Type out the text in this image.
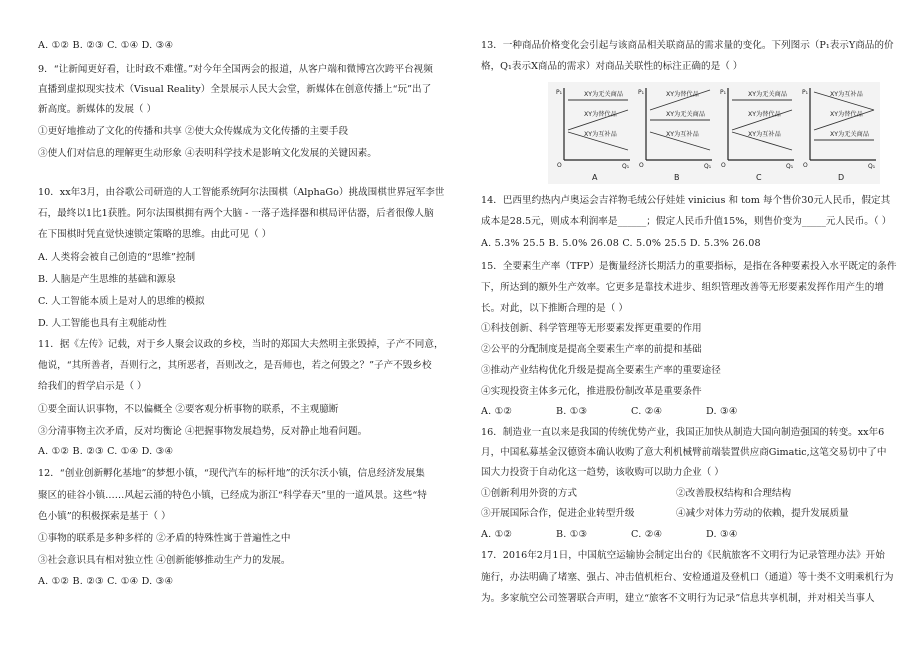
A. ①② B. ②③ C. ①④ D. ③④
9．“让新闻更好看，让时政不难懂。”对今年全国两会的报道，从客户端和微博宫次跨平台视频
直播到虚拟现实技术（Visual Reality）全景展示人民大会堂，新媒体在创意传播上“玩”出了
新高度。新媒体的发展（ ）
①更好地推动了文化的传播和共享 ②使大众传媒成为文化传播的主要手段
③使人们对信息的理解更生动形象 ④表明科学技术是影响文化发展的关键因素。
10．xx年3月，由谷歌公司研造的人工智能系统阿尔法围棋（AlphaGo）挑战围棋世界冠军李世
石，最终以1比1获胜。阿尔法围棋拥有两个大脑 - 一落子选择器和棋局评估器，后者很像人脑
在下围棋时凭直觉快速锁定策略的思维。由此可见（ ）
A. 人类将会被自己创造的“思维”控制
B. 人脑是产生思维的基础和源泉
C. 人工智能本质上是对人的思维的模拟
D. 人工智能也具有主观能动性
11．据《左传》记载，对于乡人聚会议政的乡校，当时的郑国大夫然明主张毁掉，子产不同意，
他说，“其所善者，吾则行之，其所恶者，吾则改之，是吾师也，若之何毁之？”子产不毁乡校
给我们的哲学启示是（ ）
①要全面认识事物，不以偏概全 ②要客观分析事物的联系，不主观臆断
③分清事物主次矛盾，反对均衡论 ④把握事物发展趋势，反对静止地看问题。
A. ①② B. ②③ C. ①④ D. ③④
12．“创业创新孵化基地”的梦想小镇，“现代汽车的标杆地”的沃尔沃小镇，信息经济发展集
聚区的硅谷小镇……风起云涌的特色小镇，已经成为浙江“科学春天”里的一道风景。这些“特
色小镇”的积极探索是基于（ ）
①事物的联系是多种多样的 ②矛盾的特殊性寓于普遍性之中
③社会意识具有相对独立性 ④创新能够推动生产力的发展。
A. ①② B. ②③ C. ①④ D. ③④
13．一种商品价格变化会引起与该商品相关联商品的需求量的变化。下列图示（P₁表示Y商品的价
格，Q₁表示X商品的需求）对商品关联性的标注正确的是（ ）
P₁
Q₁
O
XY为无关商品
XY为替代品
XY为互补品
A
P₁
Q₁
O
XY为替代品
XY为无关商品
XY为互补品
B
P₁
Q₁
O
XY为无关商品
XY为替代品
XY为互补品
C
P₁
Q₁
O
XY为互补品
XY为替代品
XY为无关商品
D
14．巴西里约热内卢奥运会吉祥物毛绒公仔娃娃 vinicius 和 tom 每个售价30元人民币，假定其
成本是28.5元，则成本利润率是______；假定人民币升值15%，则售价变为_____元人民币。（ ）
A. 5.3% 25.5 B. 5.0% 26.08 C. 5.0% 25.5 D. 5.3% 26.08
15．全要素生产率（TFP）是衡量经济长期活力的重要指标，是指在各种要素投入水平既定的条件
下，所达到的额外生产效率。它更多是靠技术进步、组织管理改善等无形要素发挥作用产生的增
长。对此，以下推断合理的是（ ）
①科技创新、科学管理等无形要素发挥更重要的作用
②公平的分配制度是提高全要素生产率的前提和基础
③推动产业结构优化升级是提高全要素生产率的重要途径
④实现投资主体多元化，推进股份制改革是重要条件
A. ①②	B. ①③	C. ②④	D. ③④
16．制造业一直以来是我国的传统优势产业，我国正加快从制造大国向制造强国的转变。xx年6
月，中国私募基金汉德资本确认收购了意大利机械臂前端装置供应商Gimatic,这笔交易切中了中
国大力投资于自动化这一趋势，该收购可以助力企业（ ）
①创新利用外资的方式	②改善股权结构和合理结构
③开展国际合作，促进企业转型升级	④减少对体力劳动的依赖，提升发展质量
A. ①②	B. ①③	C. ②④	D. ③④
17．2016年2月1日，中国航空运输协会制定出台的《民航旅客不文明行为记录管理办法》开始
施行，办法明确了堵塞、强占、冲击值机柜台、安检通道及登机口（通道）等十类不文明乘机行为
为。多家航空公司签署联合声明，建立“旅客不文明行为记录”信息共享机制，并对相关当事人
